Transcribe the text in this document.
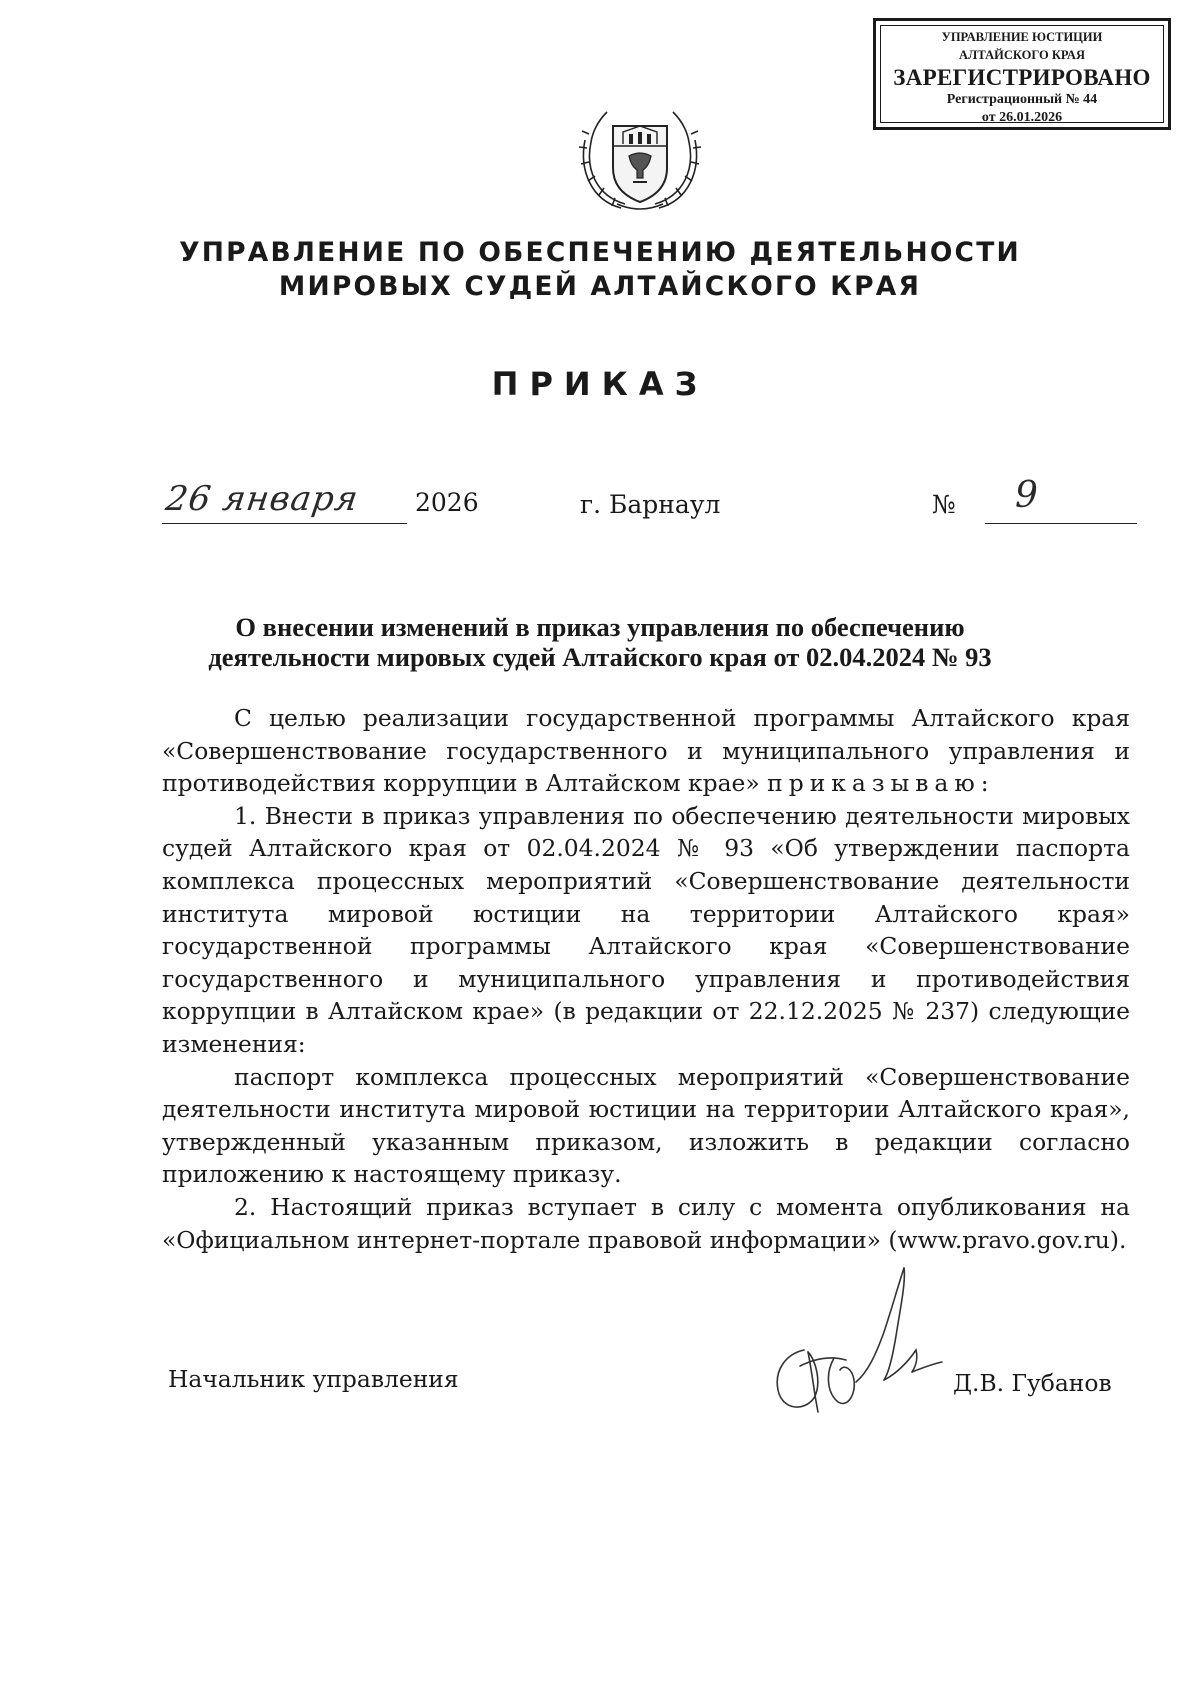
УПРАВЛЕНИЕ ЮСТИЦИИ
АЛТАЙСКОГО КРАЯ
ЗАРЕГИСТРИРОВАНО
Регистрационный № 44
от 26.01.2026
УПРАВЛЕНИЕ ПО ОБЕСПЕЧЕНИЮ ДЕЯТЕЛЬНОСТИ
МИРОВЫХ СУДЕЙ АЛТАЙСКОГО КРАЯ
ПРИКАЗ
26 января 2026	г. Барнаул	№ 9
О внесении изменений в приказ управления по обеспечению
деятельности мировых судей Алтайского края от 02.04.2024 № 93

С целью реализации государственной программы Алтайского края «Совершенствование государственного и муниципального управления и противодействия коррупции в Алтайском крае» приказываю:

1. Внести в приказ управления по обеспечению деятельности мировых судей Алтайского края от 02.04.2024 № 93 «Об утверждении паспорта комплекса процессных мероприятий «Совершенствование деятельности института мировой юстиции на территории Алтайского края» государственной программы Алтайского края «Совершенствование государственного и муниципального управления и противодействия коррупции в Алтайском крае» (в редакции от 22.12.2025 № 237) следующие изменения:

паспорт комплекса процессных мероприятий «Совершенствование деятельности института мировой юстиции на территории Алтайского края», утвержденный указанным приказом, изложить в редакции согласно приложению к настоящему приказу.

2. Настоящий приказ вступает в силу с момента опубликования на «Официальном интернет-портале правовой информации» (www.pravo.gov.ru).

Начальник управления	Д.В. Губанов
